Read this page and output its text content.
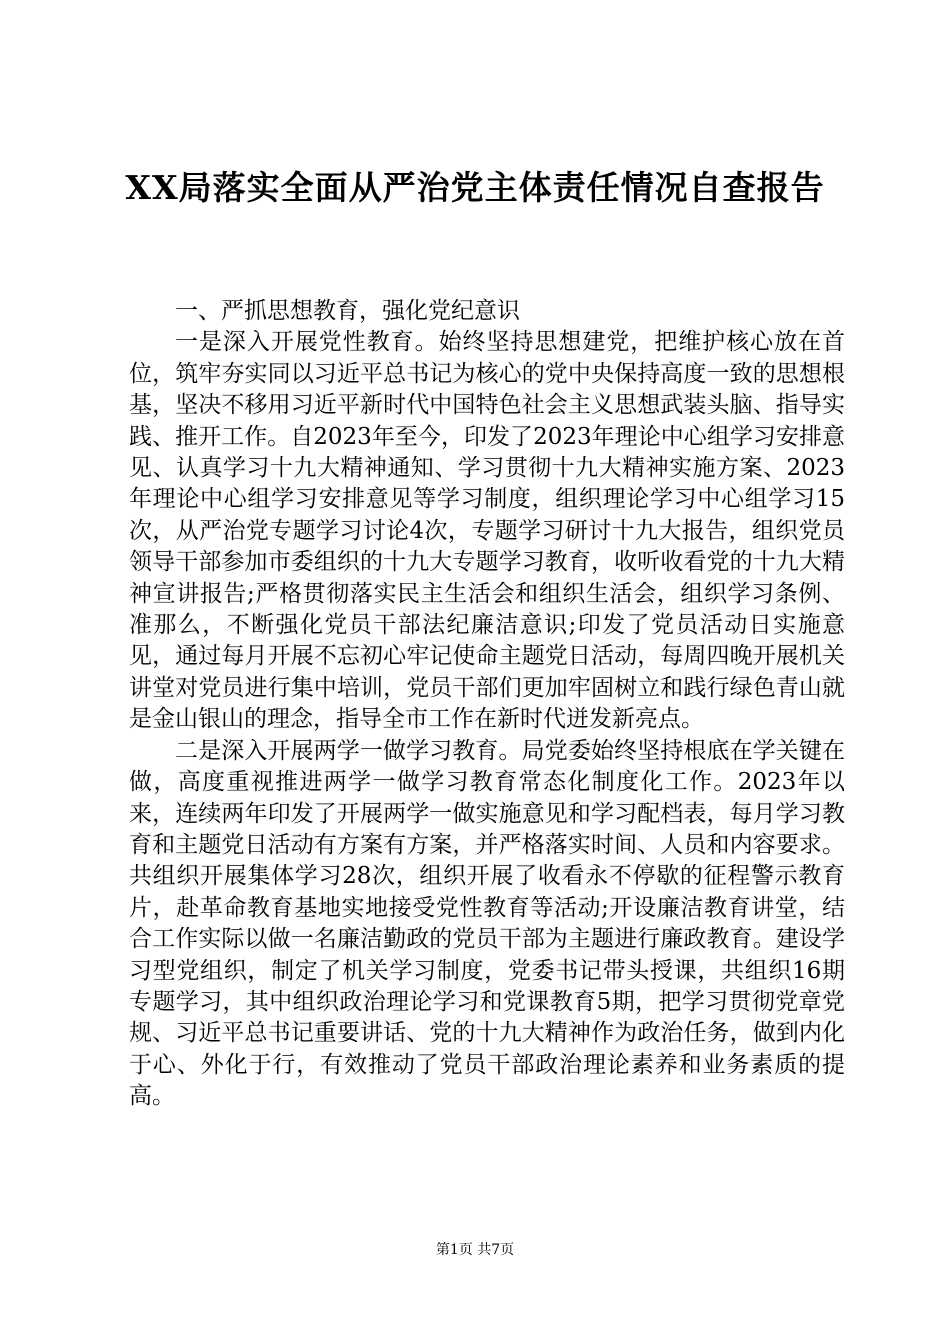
XX局落实全面从严治党主体责任情况自查报告

一、严抓思想教育，强化党纪意识

一是深入开展党性教育。始终坚持思想建党，把维护核心放在首位，筑牢夯实同以习近平总书记为核心的党中央保持高度一致的思想根基，坚决不移用习近平新时代中国特色社会主义思想武装头脑、指导实践、推开工作。自2023年至今，印发了2023年理论中心组学习安排意见、认真学习十九大精神通知、学习贯彻十九大精神实施方案、2023年理论中心组学习安排意见等学习制度，组织理论学习中心组学习15次，从严治党专题学习讨论4次，专题学习研讨十九大报告，组织党员领导干部参加市委组织的十九大专题学习教育，收听收看党的十九大精神宣讲报告;严格贯彻落实民主生活会和组织生活会，组织学习条例、准那么，不断强化党员干部法纪廉洁意识;印发了党员活动日实施意见，通过每月开展不忘初心牢记使命主题党日活动，每周四晚开展机关讲堂对党员进行集中培训，党员干部们更加牢固树立和践行绿色青山就是金山银山的理念，指导全市工作在新时代迸发新亮点。

二是深入开展两学一做学习教育。局党委始终坚持根底在学关键在做，高度重视推进两学一做学习教育常态化制度化工作。2023年以来，连续两年印发了开展两学一做实施意见和学习配档表，每月学习教育和主题党日活动有方案有方案，并严格落实时间、人员和内容要求。共组织开展集体学习28次，组织开展了收看永不停歇的征程警示教育片，赴革命教育基地实地接受党性教育等活动;开设廉洁教育讲堂，结合工作实际以做一名廉洁勤政的党员干部为主题进行廉政教育。建设学习型党组织，制定了机关学习制度，党委书记带头授课，共组织16期专题学习，其中组织政治理论学习和党课教育5期，把学习贯彻党章党规、习近平总书记重要讲话、党的十九大精神作为政治任务，做到内化于心、外化于行，有效推动了党员干部政治理论素养和业务素质的提高。

第1页 共7页
